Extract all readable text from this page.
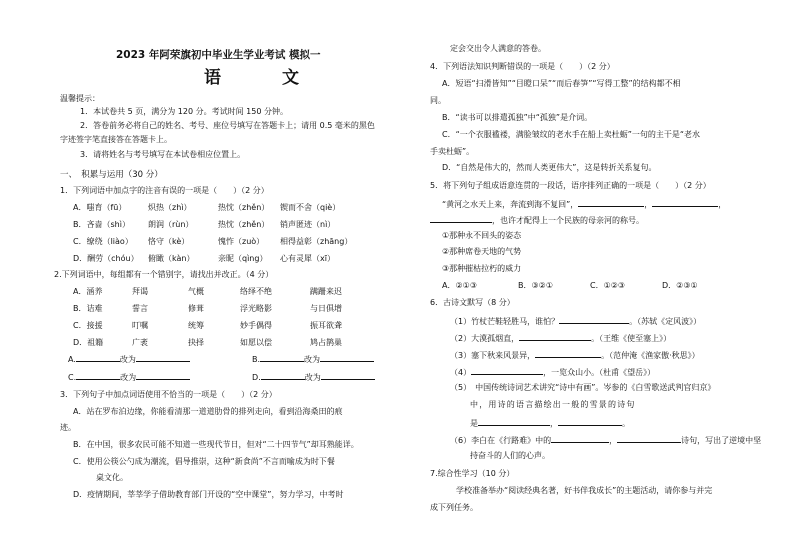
2023 年阿荣旗初中毕业生学业考试 模拟一
语　文
温馨提示：
1．本试卷共 5 页，满分为 120 分。考试时间 150 分钟。
2．答卷前务必将自己的姓名、考号、座位号填写在答题卡上；请用 0.5 毫米的黑色
字迹签字笔直接答在答题卡上。
3．请将姓名与考号填写在本试卷相应位置上。
一、　积累与运用（30 分）
1．下列词语中加点字的注音有误的一项是（　　）（2 分）
A．嗤育（fū）	炽热（zhì）	热忱（zhěn） 锲而不舍（qiè）
B．吝啬（shì） 朗润（rùn）	热忱（zhěn） 销声匿迹（nì）
C．缭绕（liào） 恪守（kè）	愧怍（zuò） 相得益彰（zhāng）
D．酬劳（chóu） 俯瞰（kàn）	亲昵（qìng） 心有灵犀（xī）
2.下列词语中，每组都有一个错别字，请找出并改正。（4 分）
A．涵养	拜谒	气概	络绎不绝	蹒跚来迟
B．诘难	誓言	修葺	浮光略影	与日俱增
C．接援	叮嘱	统筹	妙手偶得	振耳欲聋
D．祖籍	广袤	抉择	如愿以偿	鸠占鹊巢
A.	改为	B.	改为
C.	改为	D.	改为
3．下列句子中加点词语使用不恰当的一项是（　　）（2 分）
A．站在罗布泊边缘，你能看清那一道道肋骨的排列走向，看到沿海桑田的痕
迹。
B．在中国，很多农民可能不知道一些现代节日，但对“二十四节气”却耳熟能详。
C．使用公筷公勺成为潮流，倡导推崇，这种“新食尚”不言而喻成为时下餐
桌文化。
D．疫情期间，莘莘学子借助教育部门开设的“空中课堂”，努力学习，中考时
定会交出令人满意的答卷。
4．下列语法知识判断错误的一项是（　　）（2 分）
A．短语“扫滑皆知”“目瞪口呆”“而后春笋”“写得工整”的结构都不相
同。
B．“读书可以排遣孤独”中“孤独”是介词。
C．“一个衣服褴褛，满脸皱纹的老水手在船上卖杜蛎”一句的主干是“老水
手卖杜蛎”。
D．“自然是伟大的，然而人类更伟大”，这是转折关系复句。
5．将下列句子组成语意连贯的一段话，语序排列正确的一项是（　　）（2 分）
“黄河之水天上来，奔流到海不复回”，	，	，
，也许才配得上一个民族的母亲河的称号。
①那种永不回头的姿态
②那种席卷天地的气势
③那种摧枯拉朽的威力
A．②①③	B．③②①	C．①②③	D．②③①
6．古诗文默写（8 分）
（1）竹杖芒鞋轻胜马，谁怕？	。（苏轼《定风波》）
（2）大漠孤烟直，	。（王维《使至塞上》）
（3）塞下秋来风景异，	。（范仲淹《渔家傲·秋思》）
（4）	，一览众山小。（杜甫《望岳》）
（5）　中国传统诗词艺术讲究“诗中有画”。岑参的《白雪歌送武判官归京》
中，用诗的语言描绘出一般的雪景的诗句
是	，	。
（6）李白在《行路难》中的	，	诗句，写出了逆境中坚
持奋斗的人们的心声。
7.综合性学习（10 分）
学校准备举办“阅读经典名著，好书伴我成长”的主题活动，请你参与并完
成下列任务。
